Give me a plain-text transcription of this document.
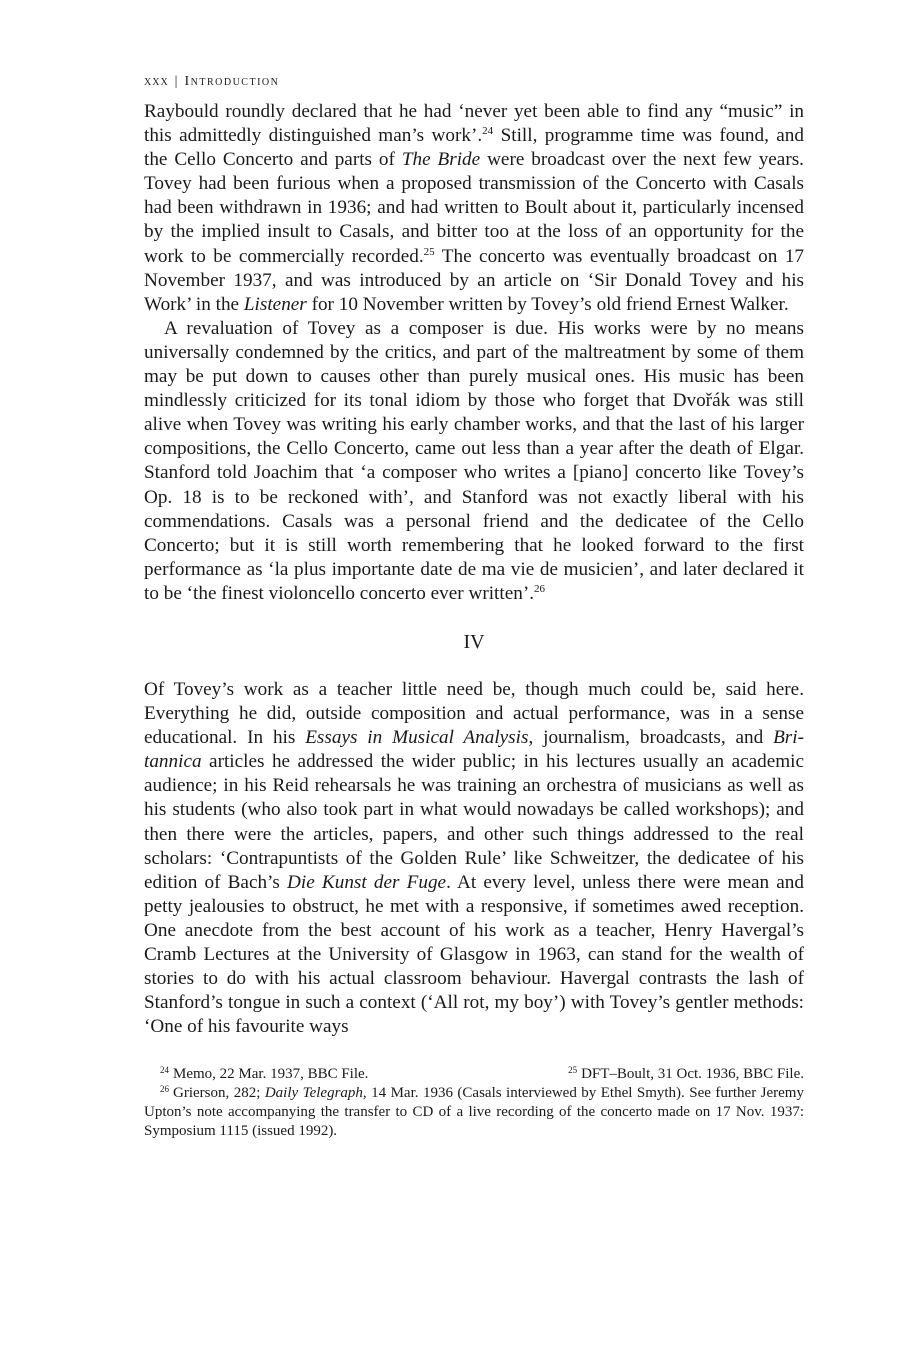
xxx | Introduction

Raybould roundly declared that he had ‘never yet been able to find any “music” in this admittedly distinguished man’s work’.$^{24}$ Still, programme time was found, and the Cello Concerto and parts of The Bride were broadcast over the next few years. Tovey had been furious when a proposed transmission of the Concerto with Casals had been withdrawn in 1936; and had written to Boult about it, particularly incensed by the implied insult to Casals, and bitter too at the loss of an opportunity for the work to be commercially recorded.$^{25}$ The concerto was eventually broadcast on 17 November 1937, and was introduced by an article on ‘Sir Donald Tovey and his Work’ in the Listener for 10 November written by Tovey’s old friend Ernest Walker.

A revaluation of Tovey as a composer is due. His works were by no means universally condemned by the critics, and part of the maltreatment by some of them may be put down to causes other than purely musical ones. His music has been mindlessly criticized for its tonal idiom by those who forget that Dvořák was still alive when Tovey was writing his early chamber works, and that the last of his larger compositions, the Cello Concerto, came out less than a year after the death of Elgar. Stanford told Joachim that ‘a composer who writes a [piano] concerto like Tovey’s Op. 18 is to be reckoned with’, and Stanford was not exactly liberal with his commendations. Casals was a personal friend and the dedicatee of the Cello Concerto; but it is still worth remembering that he looked forward to the first performance as ‘la plus importante date de ma vie de musicien’, and later declared it to be ‘the finest violoncello concerto ever written’.$^{26}$

IV

Of Tovey’s work as a teacher little need be, though much could be, said here. Everything he did, outside composition and actual performance, was in a sense educational. In his Essays in Musical Analysis, journalism, broadcasts, and Britannica articles he addressed the wider public; in his lectures usually an academic audience; in his Reid rehearsals he was training an orchestra of musicians as well as his students (who also took part in what would nowadays be called workshops); and then there were the articles, papers, and other such things addressed to the real scholars: ‘Contrapuntists of the Golden Rule’ like Schweitzer, the dedicatee of his edition of Bach’s Die Kunst der Fuge. At every level, unless there were mean and petty jealousies to obstruct, he met with a responsive, if sometimes awed reception. One anecdote from the best account of his work as a teacher, Henry Havergal’s Cramb Lectures at the University of Glasgow in 1963, can stand for the wealth of stories to do with his actual classroom behaviour. Havergal contrasts the lash of Stanford’s tongue in such a context (‘All rot, my boy’) with Tovey’s gentler methods: ‘One of his favourite ways

$^{24}$ Memo, 22 Mar. 1937, BBC File.	$^{25}$ DFT–Boult, 31 Oct. 1936, BBC File.
$^{26}$ Grierson, 282; Daily Telegraph, 14 Mar. 1936 (Casals interviewed by Ethel Smyth). See further Jeremy Upton’s note accompanying the transfer to CD of a live recording of the concerto made on 17 Nov. 1937: Symposium 1115 (issued 1992).
